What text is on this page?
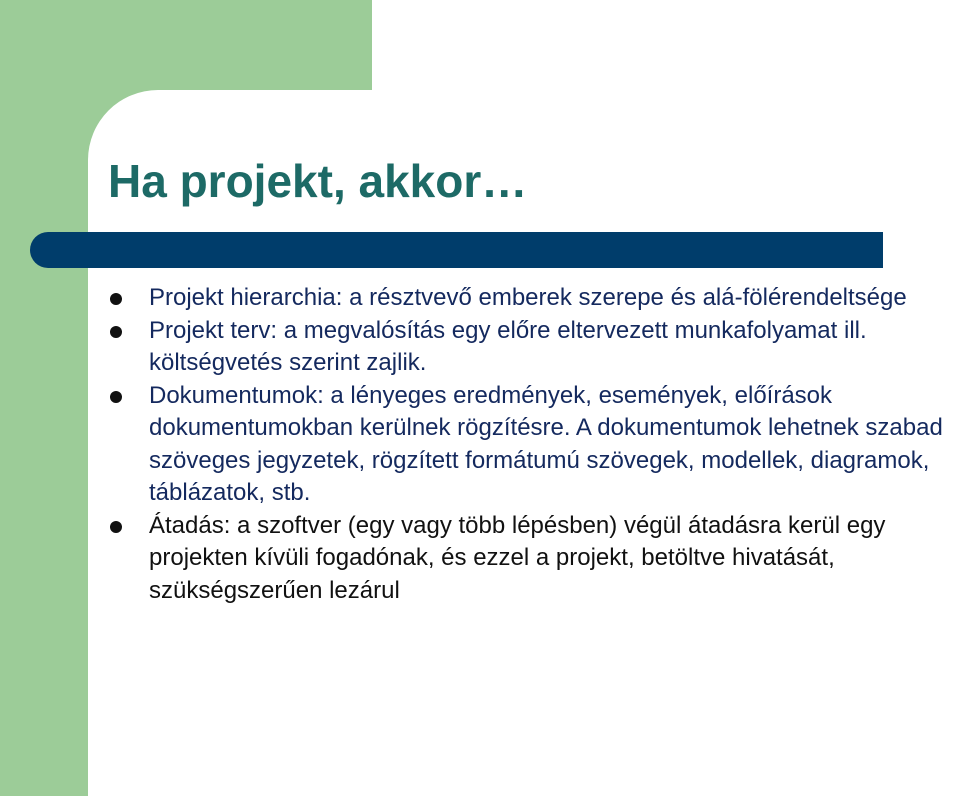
Ha projekt, akkor…
Projekt hierarchia: a résztvevő emberek szerepe és alá-fölérendeltsége
Projekt terv: a megvalósítás egy előre eltervezett munkafolyamat ill. költségvetés szerint zajlik.
Dokumentumok: a lényeges eredmények, események, előírások dokumentumokban kerülnek rögzítésre. A dokumentumok lehetnek szabad szöveges jegyzetek, rögzített formátumú szövegek, modellek, diagramok, táblázatok, stb.
Átadás: a szoftver (egy vagy több lépésben) végül átadásra kerül egy projekten kívüli fogadónak, és ezzel a projekt, betöltve hivatását, szükségszerűen lezárul
